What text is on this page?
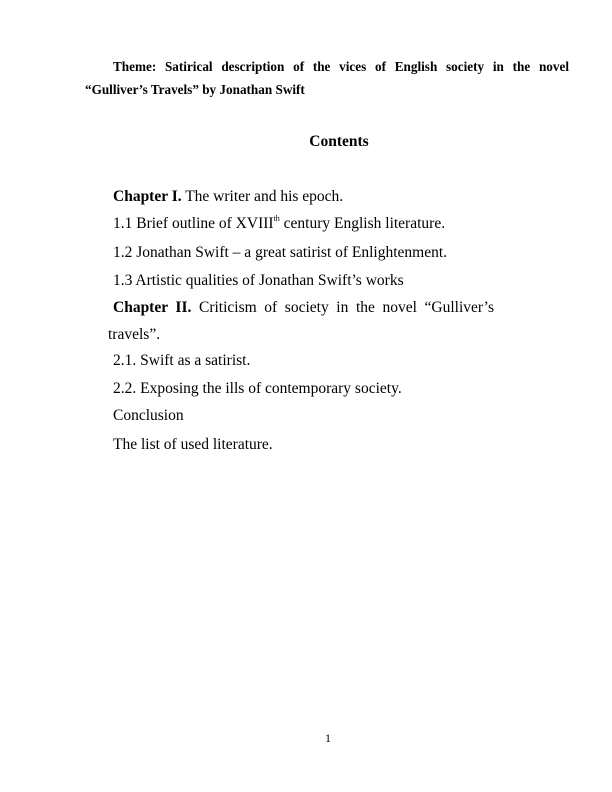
Theme: Satirical description of the vices of English society in the novel
“Gulliver’s Travels” by Jonathan Swift
Contents
Chapter I. The writer and his epoch.
1.1 Brief outline of XVIIIth century English literature.
1.2 Jonathan Swift – a great satirist of Enlightenment.
1.3 Artistic qualities of Jonathan Swift’s works
Chapter II. Criticism of society in the novel “Gulliver’s
travels”.
2.1. Swift as a satirist.
2.2. Exposing the ills of contemporary society.
Conclusion
The list of used literature.
1
